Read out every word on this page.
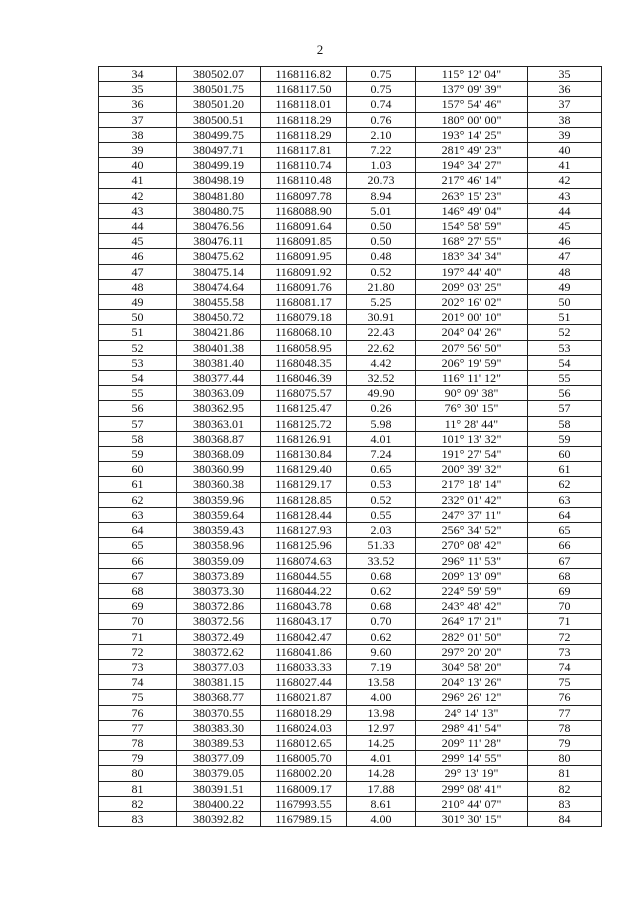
2
34	380502.07	1168116.82	0.75	115° 12' 04"	35
35	380501.75	1168117.50	0.75	137° 09' 39"	36
36	380501.20	1168118.01	0.74	157° 54' 46"	37
37	380500.51	1168118.29	0.76	180° 00' 00"	38
38	380499.75	1168118.29	2.10	193° 14' 25"	39
39	380497.71	1168117.81	7.22	281° 49' 23"	40
40	380499.19	1168110.74	1.03	194° 34' 27"	41
41	380498.19	1168110.48	20.73	217° 46' 14"	42
42	380481.80	1168097.78	8.94	263° 15' 23"	43
43	380480.75	1168088.90	5.01	146° 49' 04"	44
44	380476.56	1168091.64	0.50	154° 58' 59"	45
45	380476.11	1168091.85	0.50	168° 27' 55"	46
46	380475.62	1168091.95	0.48	183° 34' 34"	47
47	380475.14	1168091.92	0.52	197° 44' 40"	48
48	380474.64	1168091.76	21.80	209° 03' 25"	49
49	380455.58	1168081.17	5.25	202° 16' 02"	50
50	380450.72	1168079.18	30.91	201° 00' 10"	51
51	380421.86	1168068.10	22.43	204° 04' 26"	52
52	380401.38	1168058.95	22.62	207° 56' 50"	53
53	380381.40	1168048.35	4.42	206° 19' 59"	54
54	380377.44	1168046.39	32.52	116° 11' 12"	55
55	380363.09	1168075.57	49.90	90° 09' 38"	56
56	380362.95	1168125.47	0.26	76° 30' 15"	57
57	380363.01	1168125.72	5.98	11° 28' 44"	58
58	380368.87	1168126.91	4.01	101° 13' 32"	59
59	380368.09	1168130.84	7.24	191° 27' 54"	60
60	380360.99	1168129.40	0.65	200° 39' 32"	61
61	380360.38	1168129.17	0.53	217° 18' 14"	62
62	380359.96	1168128.85	0.52	232° 01' 42"	63
63	380359.64	1168128.44	0.55	247° 37' 11"	64
64	380359.43	1168127.93	2.03	256° 34' 52"	65
65	380358.96	1168125.96	51.33	270° 08' 42"	66
66	380359.09	1168074.63	33.52	296° 11' 53"	67
67	380373.89	1168044.55	0.68	209° 13' 09"	68
68	380373.30	1168044.22	0.62	224° 59' 59"	69
69	380372.86	1168043.78	0.68	243° 48' 42"	70
70	380372.56	1168043.17	0.70	264° 17' 21"	71
71	380372.49	1168042.47	0.62	282° 01' 50"	72
72	380372.62	1168041.86	9.60	297° 20' 20"	73
73	380377.03	1168033.33	7.19	304° 58' 20"	74
74	380381.15	1168027.44	13.58	204° 13' 26"	75
75	380368.77	1168021.87	4.00	296° 26' 12"	76
76	380370.55	1168018.29	13.98	24° 14' 13"	77
77	380383.30	1168024.03	12.97	298° 41' 54"	78
78	380389.53	1168012.65	14.25	209° 11' 28"	79
79	380377.09	1168005.70	4.01	299° 14' 55"	80
80	380379.05	1168002.20	14.28	29° 13' 19"	81
81	380391.51	1168009.17	17.88	299° 08' 41"	82
82	380400.22	1167993.55	8.61	210° 44' 07"	83
83	380392.82	1167989.15	4.00	301° 30' 15"	84
